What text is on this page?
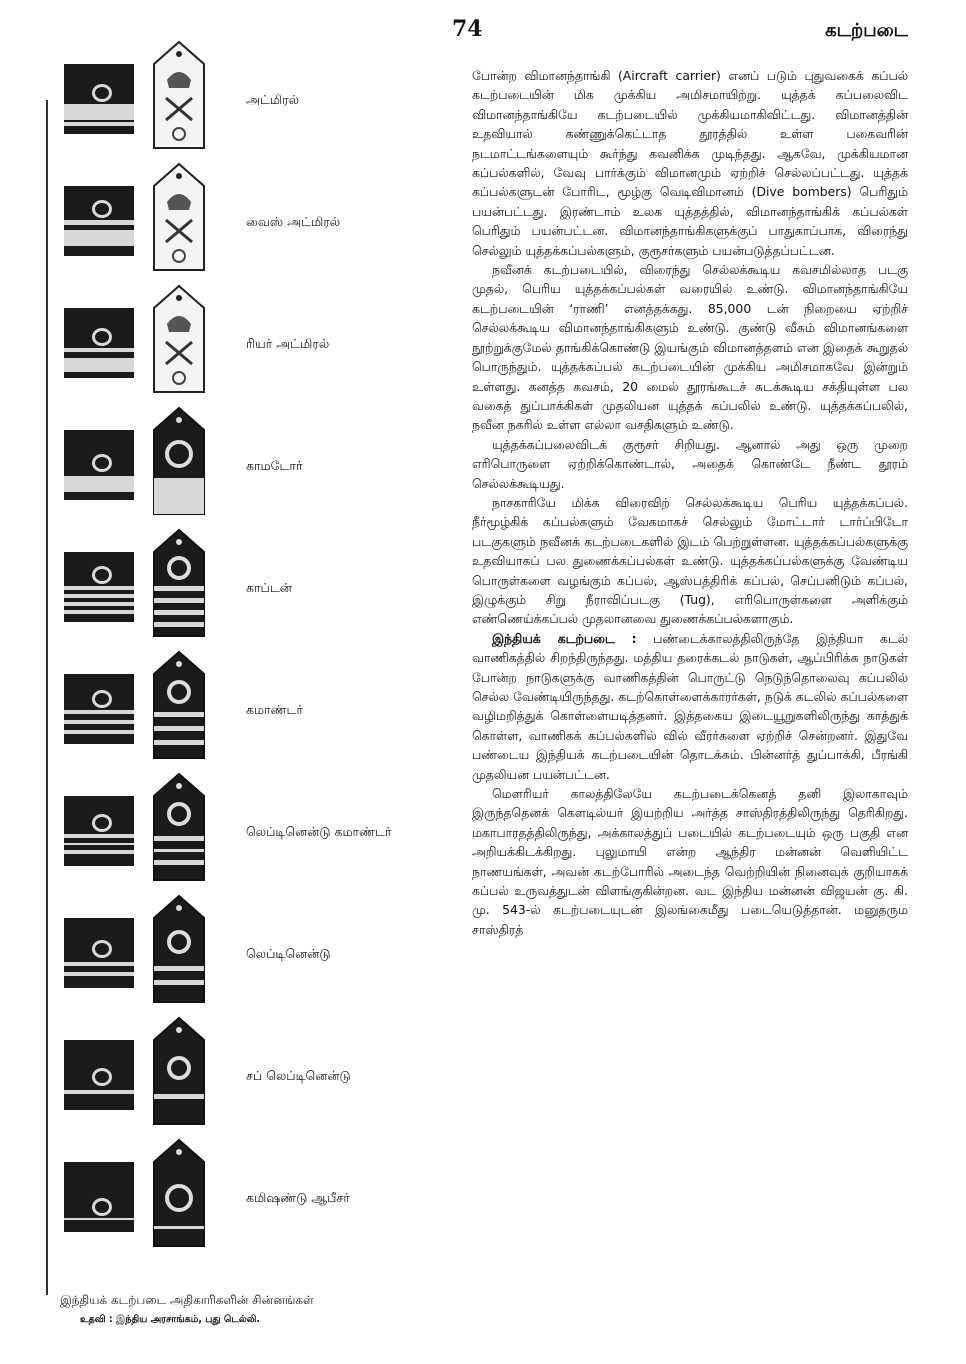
74	கடற்படை
அட்மிரல்
வைஸ் அட்மிரல்
ரியர் அட்மிரல்
காமடோர்
காப்டன்
கமாண்டர்
லெப்டினென்டு கமாண்டர்
லெப்டினென்டு
சப் லெப்டினென்டு
கமிஷண்டு ஆபீசர்
இந்தியக் கடற்படை அதிகாரிகளின் சின்னங்கள்
உதவி : இந்திய அரசாங்கம், புது டெல்லி.

போன்ற விமானந்தாங்கி (Aircraft carrier) எனப் படும் புதுவகைக் கப்பல் கடற்படையின் மிக முக்கிய அமிசமாயிற்று. யுத்தக் கப்பலைவிட விமானந்தாங்கியே கடற்படையில் முக்கியமாகிவிட்டது. விமானத்தின் உதவியால் கண்ணுக்கெட்டாத தூரத்தில் உள்ள பகைவரின் நடமாட்டங்களையும் கூர்ந்து கவனிக்க முடிந்தது. ஆகவே, முக்கியமான கப்பல்களில், வேவு பார்க்கும் விமானமும் ஏற்றிச் செல்லப்பட்டது. யுத்தக் கப்பல்களுடன் போரிட, மூழ்கு வெடிவிமானம் (Dive bombers) பெரிதும் பயன்பட்டது. இரண்டாம் உலக யுத்தத்தில், விமானந்தாங்கிக் கப்பல்கள் பெரிதும் பயன்பட்டன. விமானந்தாங்கிகளுக்குப் பாதுகாப்பாக, விரைந்து செல்லும் யுத்தக்கப்பல்களும், குரூசர்களும் பயன்படுத்தப்பட்டன.

நவீனக் கடற்படையில், விரைந்து செல்லக்கூடிய கவசமில்லாத படகு முதல், பெரிய யுத்தக்கப்பல்கள் வரையில் உண்டு. விமானந்தாங்கியே கடற்படையின் ‘ராணி’ எனத்தக்கது. 85,000 டன் நிறையை ஏற்றிச் செல்லக்கூடிய விமானந்தாங்கிகளும் உண்டு. குண்டு வீசும் விமானங்களை நூற்றுக்குமேல் தாங்கிக்கொண்டு இயங்கும் விமானத்தளம் என இதைக் கூறுதல் பொருந்தும். யுத்தக்கப்பல் கடற்படையின் முக்கிய அமிசமாகவே இன்றும் உள்ளது. கனத்த கவசம், 20 மைல் தூரங்கூடச் சுடக்கூடிய சக்தியுள்ள பல வகைத் துப்பாக்கிகள் முதலியன யுத்தக் கப்பலில் உண்டு. யுத்தக்கப்பலில், நவீன நகரில் உள்ள எல்லா வசதிகளும் உண்டு.

யுத்தக்கப்பலைவிடக் குரூசர் சிறியது. ஆனால் அது ஒரு முறை எரிபொருளை ஏற்றிக்கொண்டால், அதைக் கொண்டே நீண்ட தூரம் செல்லக்கூடியது.

நாசகாரியே மிக்க விரைவிற் செல்லக்கூடிய பெரிய யுத்தக்கப்பல். நீர்மூழ்கிக் கப்பல்களும் வேகமாகச் செல்லும் மோட்டார் டார்ப்பிடோ படகுகளும் நவீனக் கடற்படைகளில் இடம் பெற்றுள்ளன. யுத்தக்கப்பல்களுக்கு உதவியாகப் பல துணைக்கப்பல்கள் உண்டு. யுத்தக்கப்பல்களுக்கு வேண்டிய பொருள்களை வழங்கும் கப்பல், ஆஸ்பத்திரிக் கப்பல், செப்பனிடும் கப்பல், இழுக்கும் சிறு நீராவிப்படகு (Tug), எரிபொருள்களை அளிக்கும் எண்ணெய்க்கப்பல் முதலானவை துணைக்கப்பல்களாகும்.

இந்தியக் கடற்படை : பண்டைக்காலத்திலிருந்தே இந்தியா கடல் வாணிகத்தில் சிறந்திருந்தது. மத்திய தரைக்கடல் நாடுகள், ஆப்பிரிக்க நாடுகள் போன்ற நாடுகளுக்கு வாணிகத்தின் பொருட்டு நெடுந்தொலைவு கப்பலில் செல்ல வேண்டியிருந்தது. கடற்கொள்ளைக்காரர்கள், நடுக் கடலில் கப்பல்களை வழிமறித்துக் கொள்ளையடித்தனர். இத்தகைய இடையூறுகளிலிருந்து காத்துக் கொள்ள, வாணிகக் கப்பல்களில் வில் வீரர்களை ஏற்றிச் சென்றனர். இதுவே பண்டைய இந்தியக் கடற்படையின் தொடக்கம். பின்னர்த் துப்பாக்கி, பீரங்கி முதலியன பயன்பட்டன.

மௌரியர் காலத்திலேயே கடற்படைக்கெனத் தனி இலாகாவும் இருந்ததெனக் கௌடில்யர் இயற்றிய அர்த்த சாஸ்திரத்திலிருந்து தெரிகிறது. மகாபாரதத்திலிருந்து, அக்காலத்துப் படையில் கடற்படையும் ஒரு பகுதி என அறியக்கிடக்கிறது. புலுமாயி என்ற ஆந்திர மன்னன் வெளியிட்ட நாணயங்கள், அவன் கடற்போரில் அடைந்த வெற்றியின் நினைவுக் குறியாகக் கப்பல் உருவத்துடன் விளங்குகின்றன. வட இந்திய மன்னன் விஜயன் கு. கி. மு. 543-ல் கடற்படையுடன் இலங்கைமீது படையெடுத்தான். மனுதரும சாஸ்திரத்
